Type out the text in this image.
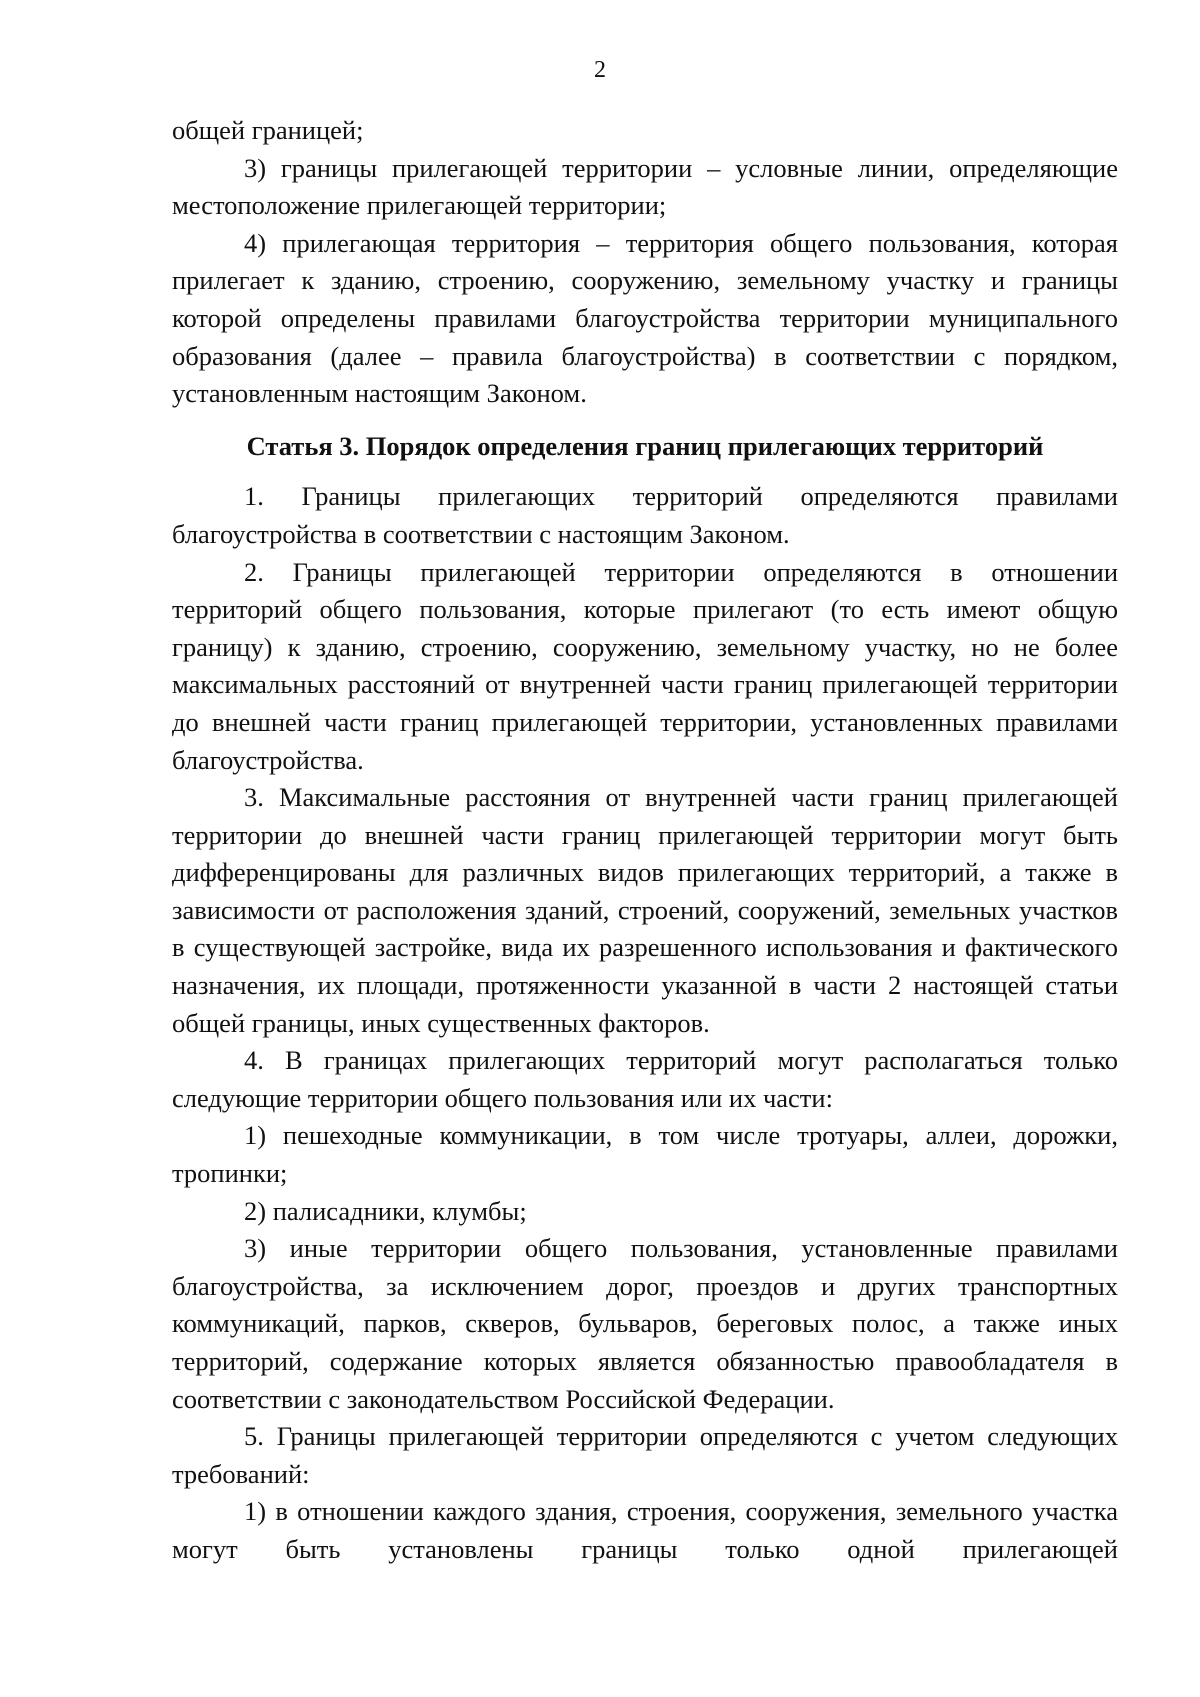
2

общей границей;

3) границы прилегающей территории – условные линии, определяющие местоположение прилегающей территории;

4) прилегающая территория – территория общего пользования, которая прилегает к зданию, строению, сооружению, земельному участку и границы которой определены правилами благоустройства территории муниципального образования (далее – правила благоустройства) в соответствии с порядком, установленным настоящим Законом.

Статья 3. Порядок определения границ прилегающих территорий

1. Границы прилегающих территорий определяются правилами благоустройства в соответствии с настоящим Законом.

2. Границы прилегающей территории определяются в отношении территорий общего пользования, которые прилегают (то есть имеют общую границу) к зданию, строению, сооружению, земельному участку, но не более максимальных расстояний от внутренней части границ прилегающей территории до внешней части границ прилегающей территории, установленных правилами благоустройства.

3. Максимальные расстояния от внутренней части границ прилегающей территории до внешней части границ прилегающей территории могут быть дифференцированы для различных видов прилегающих территорий, а также в зависимости от расположения зданий, строений, сооружений, земельных участков в существующей застройке, вида их разрешенного использования и фактического назначения, их площади, протяженности указанной в части 2 настоящей статьи общей границы, иных существенных факторов.

4. В границах прилегающих территорий могут располагаться только следующие территории общего пользования или их части:

1) пешеходные коммуникации, в том числе тротуары, аллеи, дорожки, тропинки;

2) палисадники, клумбы;

3) иные территории общего пользования, установленные правилами благоустройства, за исключением дорог, проездов и других транспортных коммуникаций, парков, скверов, бульваров, береговых полос, а также иных территорий, содержание которых является обязанностью правообладателя в соответствии с законодательством Российской Федерации.

5. Границы прилегающей территории определяются с учетом следующих требований:

1) в отношении каждого здания, строения, сооружения, земельного участка могут быть установлены границы только одной прилегающей
